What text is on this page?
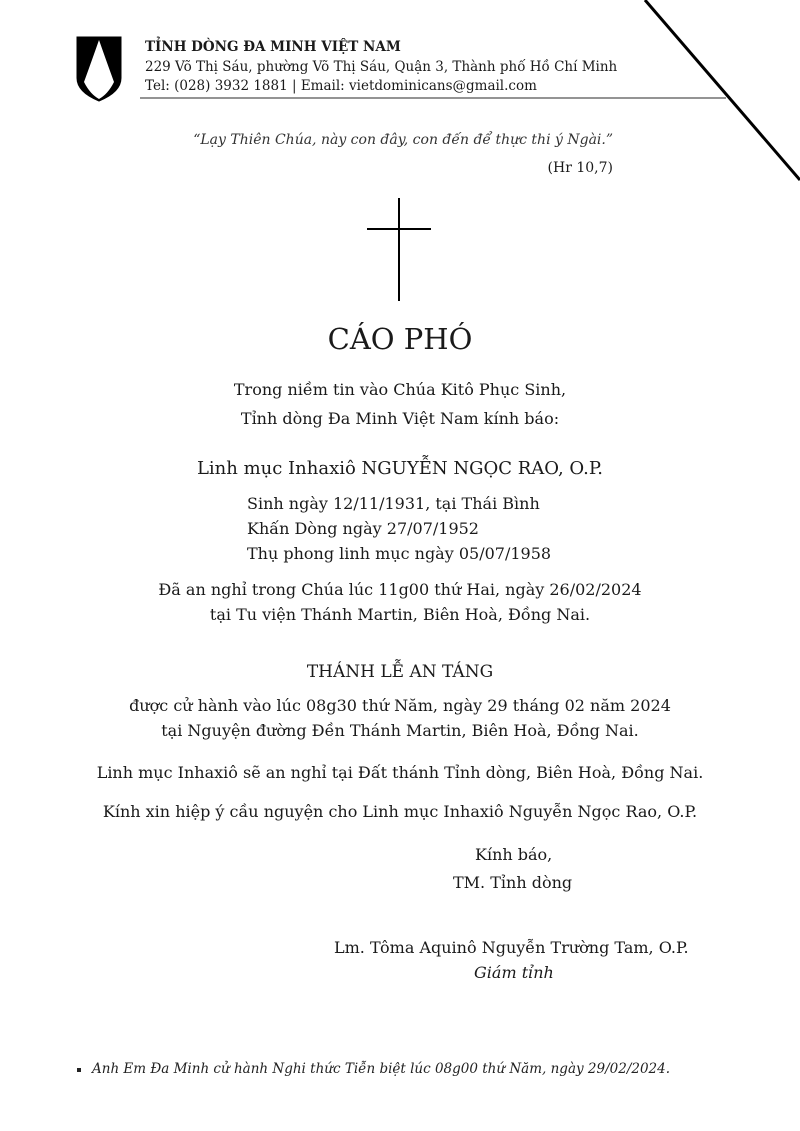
TỈNH DÒNG ĐA MINH VIỆT NAM
229 Võ Thị Sáu, phường Võ Thị Sáu, Quận 3, Thành phố Hồ Chí Minh
Tel: (028) 3932 1881 | Email: vietdominicans@gmail.com
“Lạy Thiên Chúa, này con đây, con đến để thực thi ý Ngài.”
(Hr 10,7)
CÁO PHÓ
Trong niềm tin vào Chúa Kitô Phục Sinh,
Tỉnh dòng Đa Minh Việt Nam kính báo:
Linh mục Inhaxiô NGUYỄN NGỌC RAO, O.P.
Sinh ngày 12/11/1931, tại Thái Bình
Khấn Dòng ngày 27/07/1952
Thụ phong linh mục ngày 05/07/1958
Đã an nghỉ trong Chúa lúc 11g00 thứ Hai, ngày 26/02/2024
tại Tu viện Thánh Martin, Biên Hoà, Đồng Nai.
THÁNH LỄ AN TÁNG
được cử hành vào lúc 08g30 thứ Năm, ngày 29 tháng 02 năm 2024
tại Nguyện đường Đền Thánh Martin, Biên Hoà, Đồng Nai.
Linh mục Inhaxiô sẽ an nghỉ tại Đất thánh Tỉnh dòng, Biên Hoà, Đồng Nai.
Kính xin hiệp ý cầu nguyện cho Linh mục Inhaxiô Nguyễn Ngọc Rao, O.P.
Kính báo,
TM. Tỉnh dòng
Lm. Tôma Aquinô Nguyễn Trường Tam, O.P.
Giám tỉnh
Anh Em Đa Minh cử hành Nghi thức Tiễn biệt lúc 08g00 thứ Năm, ngày 29/02/2024.
